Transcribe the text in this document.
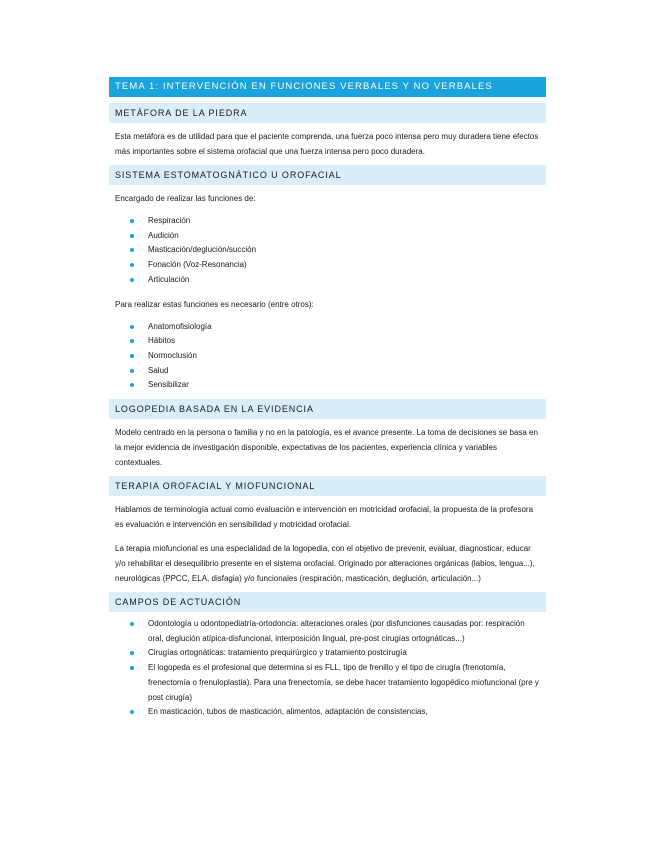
TEMA 1: INTERVENCIÓN EN FUNCIONES VERBALES Y NO VERBALES
METÁFORA DE LA PIEDRA

Esta metáfora es de utilidad para que el paciente comprenda, una fuerza poco intensa pero muy duradera tiene efectos más importantes sobre el sistema orofacial que una fuerza intensa pero poco duradera.

SISTEMA ESTOMATOGNÁTICO U OROFACIAL

Encargado de realizar las funciones de:

Respiración
Audición
Masticación/deglución/succión
Fonación (Voz-Resonancia)
Articulación

Para realizar estas funciones es necesario (entre otros):

Anatomofisiología
Hábitos
Normoclusión
Salud
Sensibilizar
LOGOPEDIA BASADA EN LA EVIDENCIA

Modelo centrado en la persona o familia y no en la patología, es el avance presente. La toma de decisiones se basa en la mejor evidencia de investigación disponible, expectativas de los pacientes, experiencia clínica y variables contextuales.

TERAPIA OROFACIAL Y MIOFUNCIONAL

Hablamos de terminología actual como evaluación e intervención en motricidad orofacial, la propuesta de la profesora es evaluación e intervención en sensibilidad y motricidad orofacial.

La terapia miofuncional es una especialidad de la logopedia, con el objetivo de prevenir, evaluar, diagnosticar, educar y/o rehabilitar el desequilibrio presente en el sistema orofacial. Originado por alteraciones orgánicas (labios, lengua...), neurológicas (PPCC, ELA, disfagia) y/o funcionales (respiración, masticación, deglución, articulación...)

CAMPOS DE ACTUACIÓN
Odontología u odontopediatría-ortodoncia: alteraciones orales (por disfunciones causadas por: respiración oral, deglución atípica-disfuncional, interposición lingual, pre-post cirugías ortognáticas...)
Cirugías ortognáticas: tratamiento prequirúrgico y tratamiento postcirugía
El logopeda es el profesional que determina si es FLL, tipo de frenillo y el tipo de cirugía (frenotomía, frenectomía o frenuloplastia). Para una frenectomía, se debe hacer tratamiento logopédico miofuncional (pre y post cirugía)
En masticación, tubos de masticación, alimentos, adaptación de consistencias,
